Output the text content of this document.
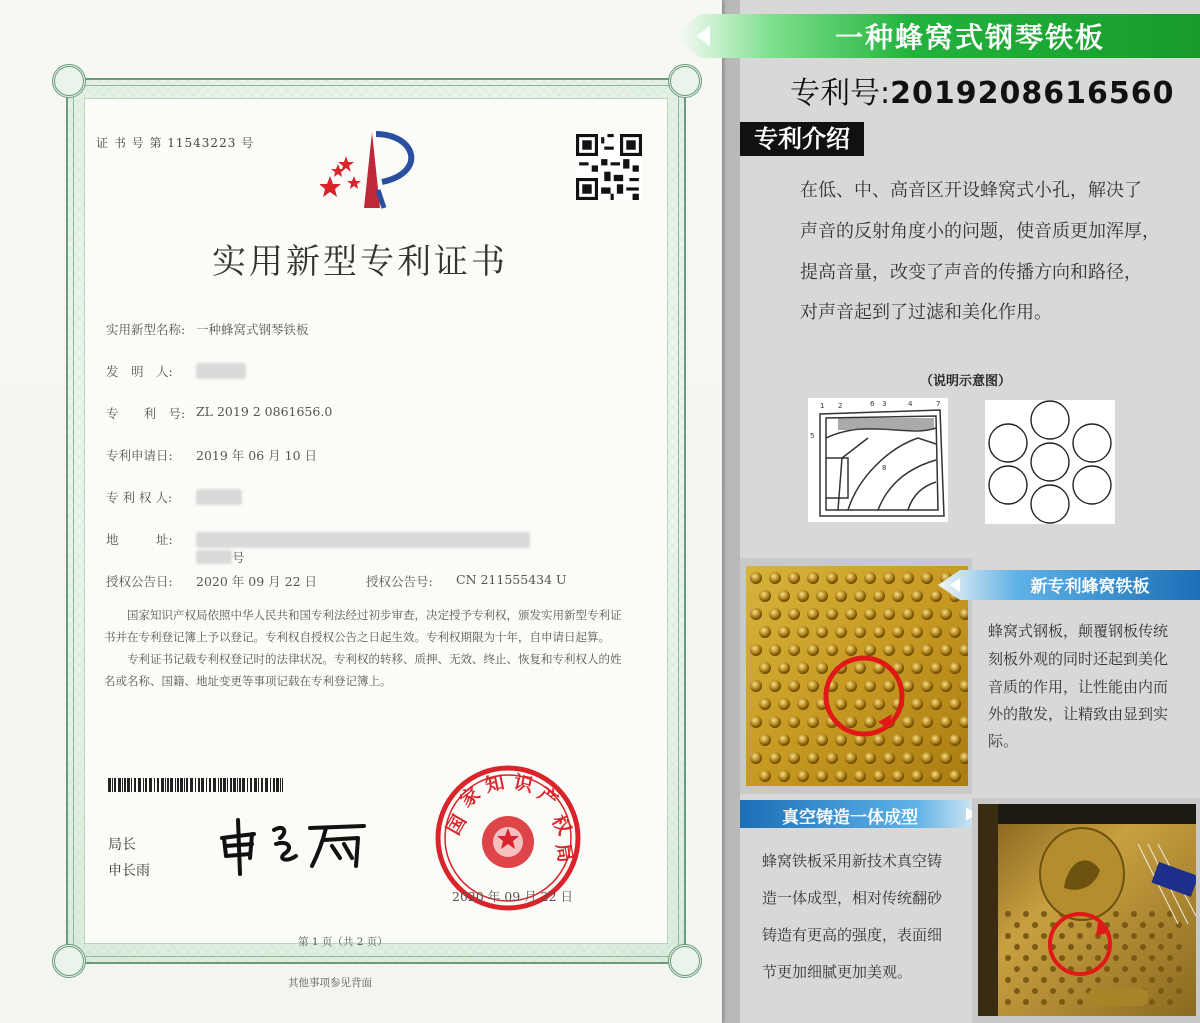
证 书 号 第 11543223 号
实用新型专利证书
实用新型名称: 一种蜂窝式钢琴铁板
发　明　人:
专　　利　号: ZL 2019 2 0861656.0
专利申请日: 2019 年 06 月 10 日
专 利 权 人:
地　　　址:
号
授权公告日: 2020 年 09 月 22 日	授权公告号: CN 211555434 U

国家知识产权局依照中华人民共和国专利法经过初步审查，决定授予专利权，颁发实用新型专利证书并在专利登记簿上予以登记。专利权自授权公告之日起生效。专利权期限为十年，自申请日起算。

专利证书记载专利权登记时的法律状况。专利权的转移、质押、无效、终止、恢复和专利权人的姓名或名称、国籍、地址变更等事项记载在专利登记簿上。

局长
申长雨
国
家
知 识
产
权
局
2020 年 09 月 22 日
第 1 页（共 2 页）
其他事项参见背面
一种蜂窝式钢琴铁板
专利号:2019208616560
专利介绍
在低、中、高音区开设蜂窝式小孔，解决了
声音的反射角度小的问题，使音质更加浑厚，
提高音量，改变了声音的传播方向和路径，
对声音起到了过滤和美化作用。
（说明示意图）
1 2	6 3	4	7
5
8
新专利蜂窝铁板
蜂窝式钢板，颠覆钢板传统
刻板外观的同时还起到美化
音质的作用，让性能由内而
外的散发，让精致由显到实
际。
真空铸造一体成型
蜂窝铁板采用新技术真空铸
造一体成型，相对传统翻砂
铸造有更高的强度，表面细
节更加细腻更加美观。
